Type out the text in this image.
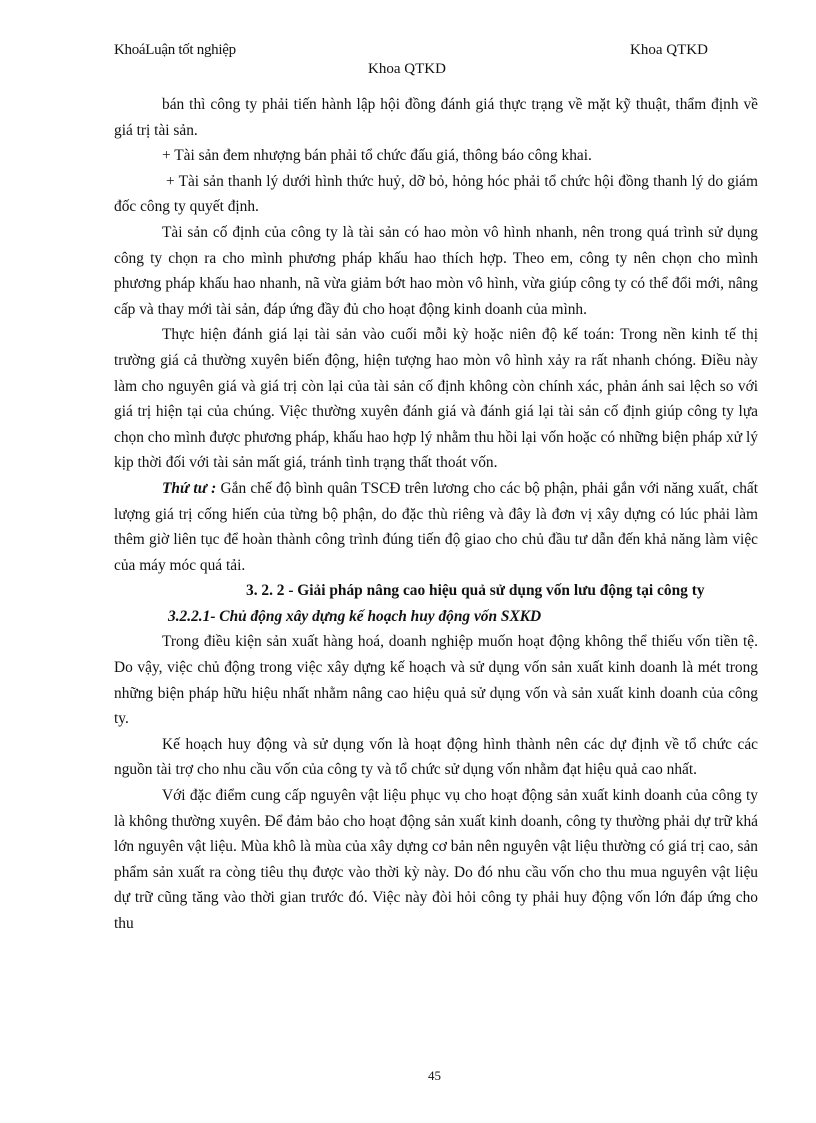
KhoáLuận tốt nghiệp	Khoa QTKD
Khoa QTKD

bán thì công ty phải tiến hành lập hội đồng đánh giá thực trạng về mặt kỹ thuật, thẩm định về giá trị tài sản.

+ Tài sản đem nhượng bán phải tổ chức đấu giá, thông báo công khai.

+ Tài sản thanh lý dưới hình thức huỷ, dỡ bỏ, hỏng hóc phải tổ chức hội đồng thanh lý do giám đốc công ty quyết định.

Tài sản cố định của công ty là tài sản có hao mòn vô hình nhanh, nên trong quá trình sử dụng công ty chọn ra cho mình phương pháp khấu hao thích hợp. Theo em, công ty nên chọn cho mình phương pháp khấu hao nhanh, nã vừa giảm bớt hao mòn vô hình, vừa giúp công ty có thể đổi mới, nâng cấp và thay mới tài sản, đáp ứng đầy đủ cho hoạt động kinh doanh của mình.

Thực hiện đánh giá lại tài sản vào cuối mỗi kỳ hoặc niên độ kế toán: Trong nền kinh tế thị trường giá cả thường xuyên biến động, hiện tượng hao mòn vô hình xảy ra rất nhanh chóng. Điều này làm cho nguyên giá và giá trị còn lại của tài sản cố định không còn chính xác, phản ánh sai lệch so với giá trị hiện tại của chúng. Việc thường xuyên đánh giá và đánh giá lại tài sản cố định giúp công ty lựa chọn cho mình được phương pháp, khấu hao hợp lý nhằm thu hồi lại vốn hoặc có những biện pháp xử lý kịp thời đối với tài sản mất giá, tránh tình trạng thất thoát vốn.

Thứ tư : Gắn chế độ bình quân TSCĐ trên lương cho các bộ phận, phải gắn với năng xuất, chất lượng giá trị cống hiến của từng bộ phận, do đặc thù riêng và đây là đơn vị xây dựng có lúc phải làm thêm giờ liên tục để hoàn thành công trình đúng tiến độ giao cho chủ đầu tư dẫn đến khả năng làm việc của máy móc quá tải.

3. 2. 2 - Giải pháp nâng cao hiệu quả sử dụng vốn lưu động tại công ty

3.2.2.1- Chủ động xây dựng kế hoạch huy động vốn SXKD

Trong điều kiện sản xuất hàng hoá, doanh nghiệp muốn hoạt động không thể thiếu vốn tiền tệ. Do vậy, việc chủ động trong việc xây dựng kế hoạch và sử dụng vốn sản xuất kinh doanh là mét trong những biện pháp hữu hiệu nhất nhằm nâng cao hiệu quả sử dụng vốn và sản xuất kinh doanh của công ty.

Kế hoạch huy động và sử dụng vốn là hoạt động hình thành nên các dự định về tổ chức các nguồn tài trợ cho nhu cầu vốn của công ty và tổ chức sử dụng vốn nhằm đạt hiệu quả cao nhất.

Với đặc điểm cung cấp nguyên vật liệu phục vụ cho hoạt động sản xuất kinh doanh của công ty là không thường xuyên. Để đảm bảo cho hoạt động sản xuất kinh doanh, công ty thường phải dự trữ khá lớn nguyên vật liệu. Mùa khô là mùa của xây dựng cơ bản nên nguyên vật liệu thường có giá trị cao, sản phẩm sản xuất ra còng tiêu thụ được vào thời kỳ này. Do đó nhu cầu vốn cho thu mua nguyên vật liệu dự trữ cũng tăng vào thời gian trước đó. Việc này đòi hỏi công ty phải huy động vốn lớn đáp ứng cho thu

45
